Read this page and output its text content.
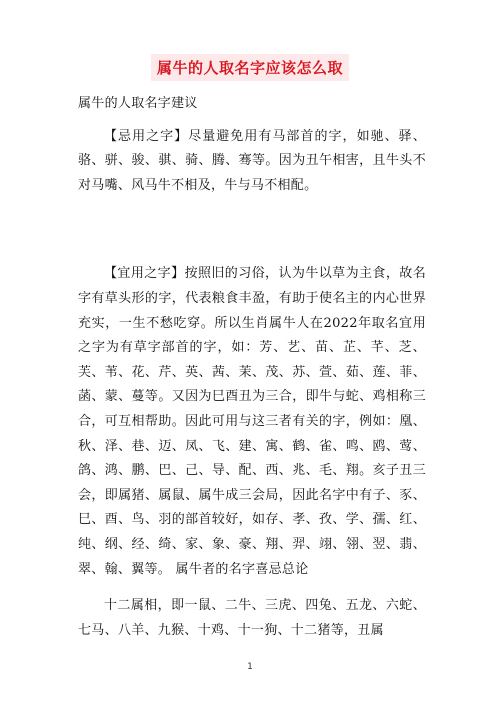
属牛的人取名字应该怎么取

属牛的人取名字建议

【忌用之字】尽量避免用有马部首的字，如驰、驿、骆、骈、骏、骐、骑、腾、骞等。因为丑午相害，且牛头不对马嘴、风马牛不相及，牛与马不相配。

【宜用之字】按照旧的习俗，认为牛以草为主食，故名字有草头形的字，代表粮食丰盈，有助于使名主的内心世界充实，一生不愁吃穿。所以生肖属牛人在2022年取名宜用之字为有草字部首的字，如：芳、艺、苗、芷、芊、芝、芙、苇、花、芹、英、茜、茉、茂、苏、萱、茹、莲、菲、菡、蒙、蔓等。又因为巳酉丑为三合，即牛与蛇、鸡相称三合，可互相帮助。因此可用与这三者有关的字，例如：凰、秋、泽、巷、迈、凤、飞、建、寓、鹤、雀、鸣、鸥、莺、鸽、鸿、鹏、巴、己、导、配、西、兆、毛、翔。亥子丑三会，即属猪、属鼠、属牛成三会局，因此名字中有子、豕、巳、酉、鸟、羽的部首较好，如存、孝、孜、学、孺、红、纯、纲、经、绮、家、象、豪、翔、羿、翊、翎、翌、翡、翠、翰、翼等。 属牛者的名字喜忌总论

十二属相，即一鼠、二牛、三虎、四兔、五龙、六蛇、七马、八羊、九猴、十鸡、十一狗、十二猪等，丑属

1
